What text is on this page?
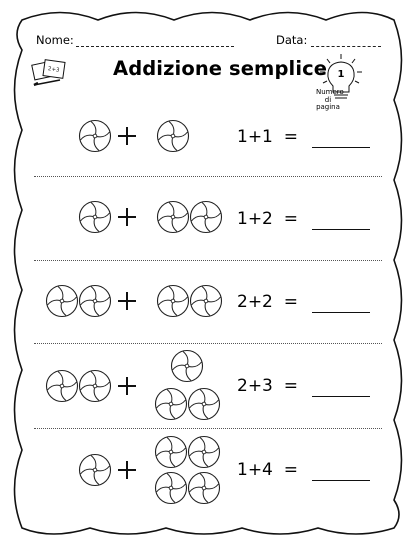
Nome:	Data:
2+3	Addizione semplice	1
Numero di pagina
1+1 =
1+2 =
2+2 =
2+3 =
1+4 =
